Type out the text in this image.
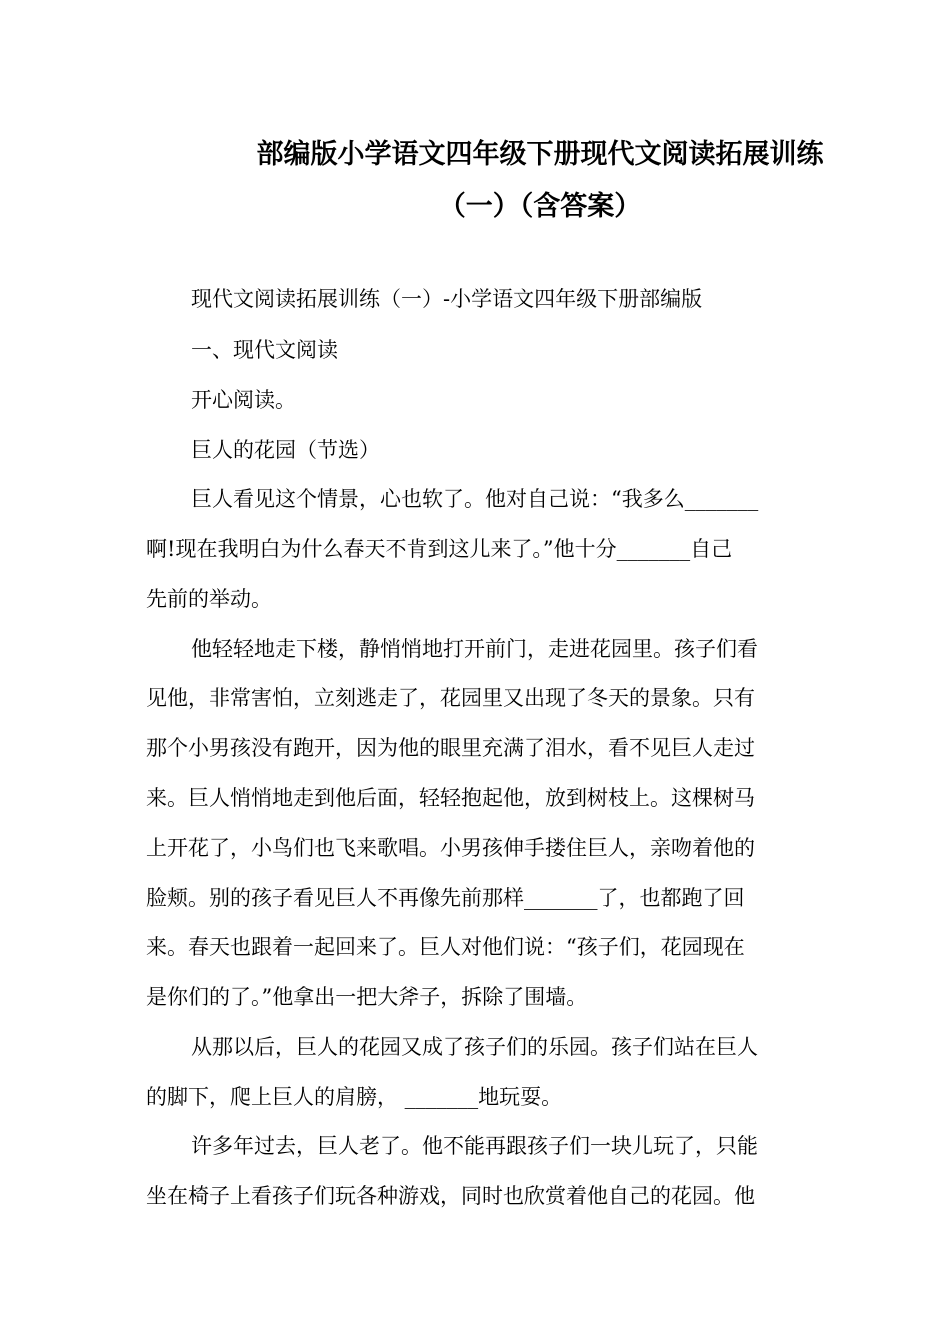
部编版小学语文四年级下册现代文阅读拓展训练
（一）（含答案）
现代文阅读拓展训练（一）-小学语文四年级下册部编版
一、现代文阅读
开心阅读。
巨人的花园（节选）
巨人看见这个情景，心也软了。他对自己说：“我多么_______
啊!现在我明白为什么春天不肯到这儿来了。”他十分_______自己
先前的举动。
他轻轻地走下楼，静悄悄地打开前门，走进花园里。孩子们看
见他，非常害怕，立刻逃走了，花园里又出现了冬天的景象。只有
那个小男孩没有跑开，因为他的眼里充满了泪水，看不见巨人走过
来。巨人悄悄地走到他后面，轻轻抱起他，放到树枝上。这棵树马
上开花了，小鸟们也飞来歌唱。小男孩伸手搂住巨人，亲吻着他的
脸颊。别的孩子看见巨人不再像先前那样_______了，也都跑了回
来。春天也跟着一起回来了。巨人对他们说：“孩子们，花园现在
是你们的了。”他拿出一把大斧子，拆除了围墙。
从那以后，巨人的花园又成了孩子们的乐园。孩子们站在巨人
的脚下，爬上巨人的肩膀， _______地玩耍。
许多年过去，巨人老了。他不能再跟孩子们一块儿玩了，只能
坐在椅子上看孩子们玩各种游戏，同时也欣赏着他自己的花园。他
